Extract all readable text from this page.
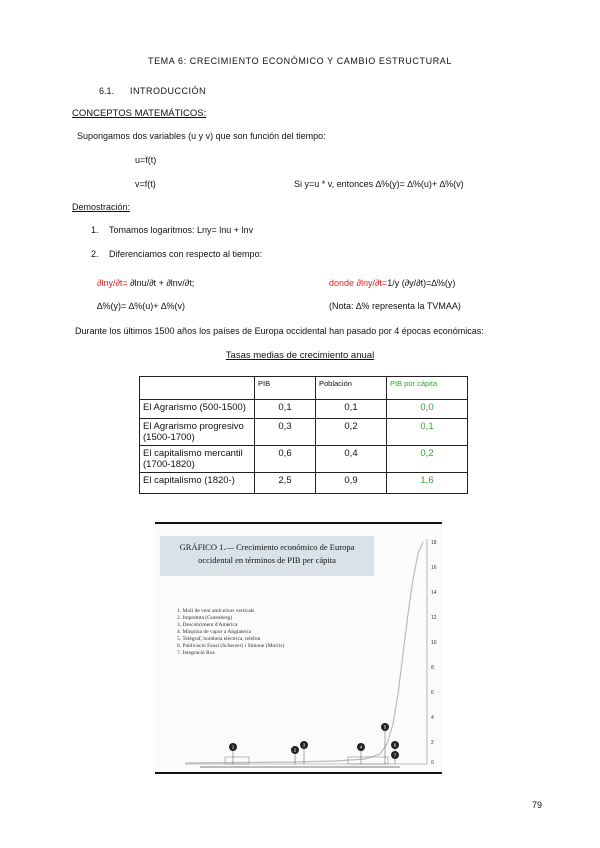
TEMA 6: CRECIMIENTO ECONÓMICO Y CAMBIO ESTRUCTURAL
6.1. INTRODUCCIÓN
CONCEPTOS MATEMÁTICOS:
Supongamos dos variables (u y v) que son función del tiempo:
u=f(t)
v=f(t)	Si y=u * v, entonces ∆%(y)= ∆%(u)+ ∆%(v)
Demostración:
1. Tomamos logaritmos: Lny= lnu + lnv
2. Diferenciamos con respecto al tiempo:
∂lny/∂t= ∂lnu/∂t + ∂lnv/∂t;	donde ∂lny/∂t=1/y (∂y/∂t)=∆%(y)
∆%(y)= ∆%(u)+ ∆%(v)	(Nota: ∆% representa la TVMAA)
Durante los últimos 1500 años los países de Europa occidental han pasado por 4 épocas económicas:
Tasas medias de crecimiento anual
	PIB	Población	PIB por cápita

El Agrarismo (500-1500)	0,1	0,1	0,0

El Agrarismo progresivo
(1500-1700)	0,3	0,2	0,1

El capitalismo mercantil
(1700-1820)	0,6	0,4	0,2

El capitalismo (1820-)	2,5	0,9	1,6
GRÁFICO 1.— Crecimiento económico de Europa
occidental en términos de PIB per cápita
1. Molí de vent amb eixos verticals
2. Impremta (Gutenberg)
3. Descobriment d'Amèrica
4. Màquina de vapor a Anglaterra
5. Telègraf, bombeta elèctrica, telèfon
6. Publicació Fausi (Scherzer) i Simone (Morris)
7. Integració Rus
1
2
3	4
5
6
7
18
16
14
12
10
8
6
4
2
0
79
